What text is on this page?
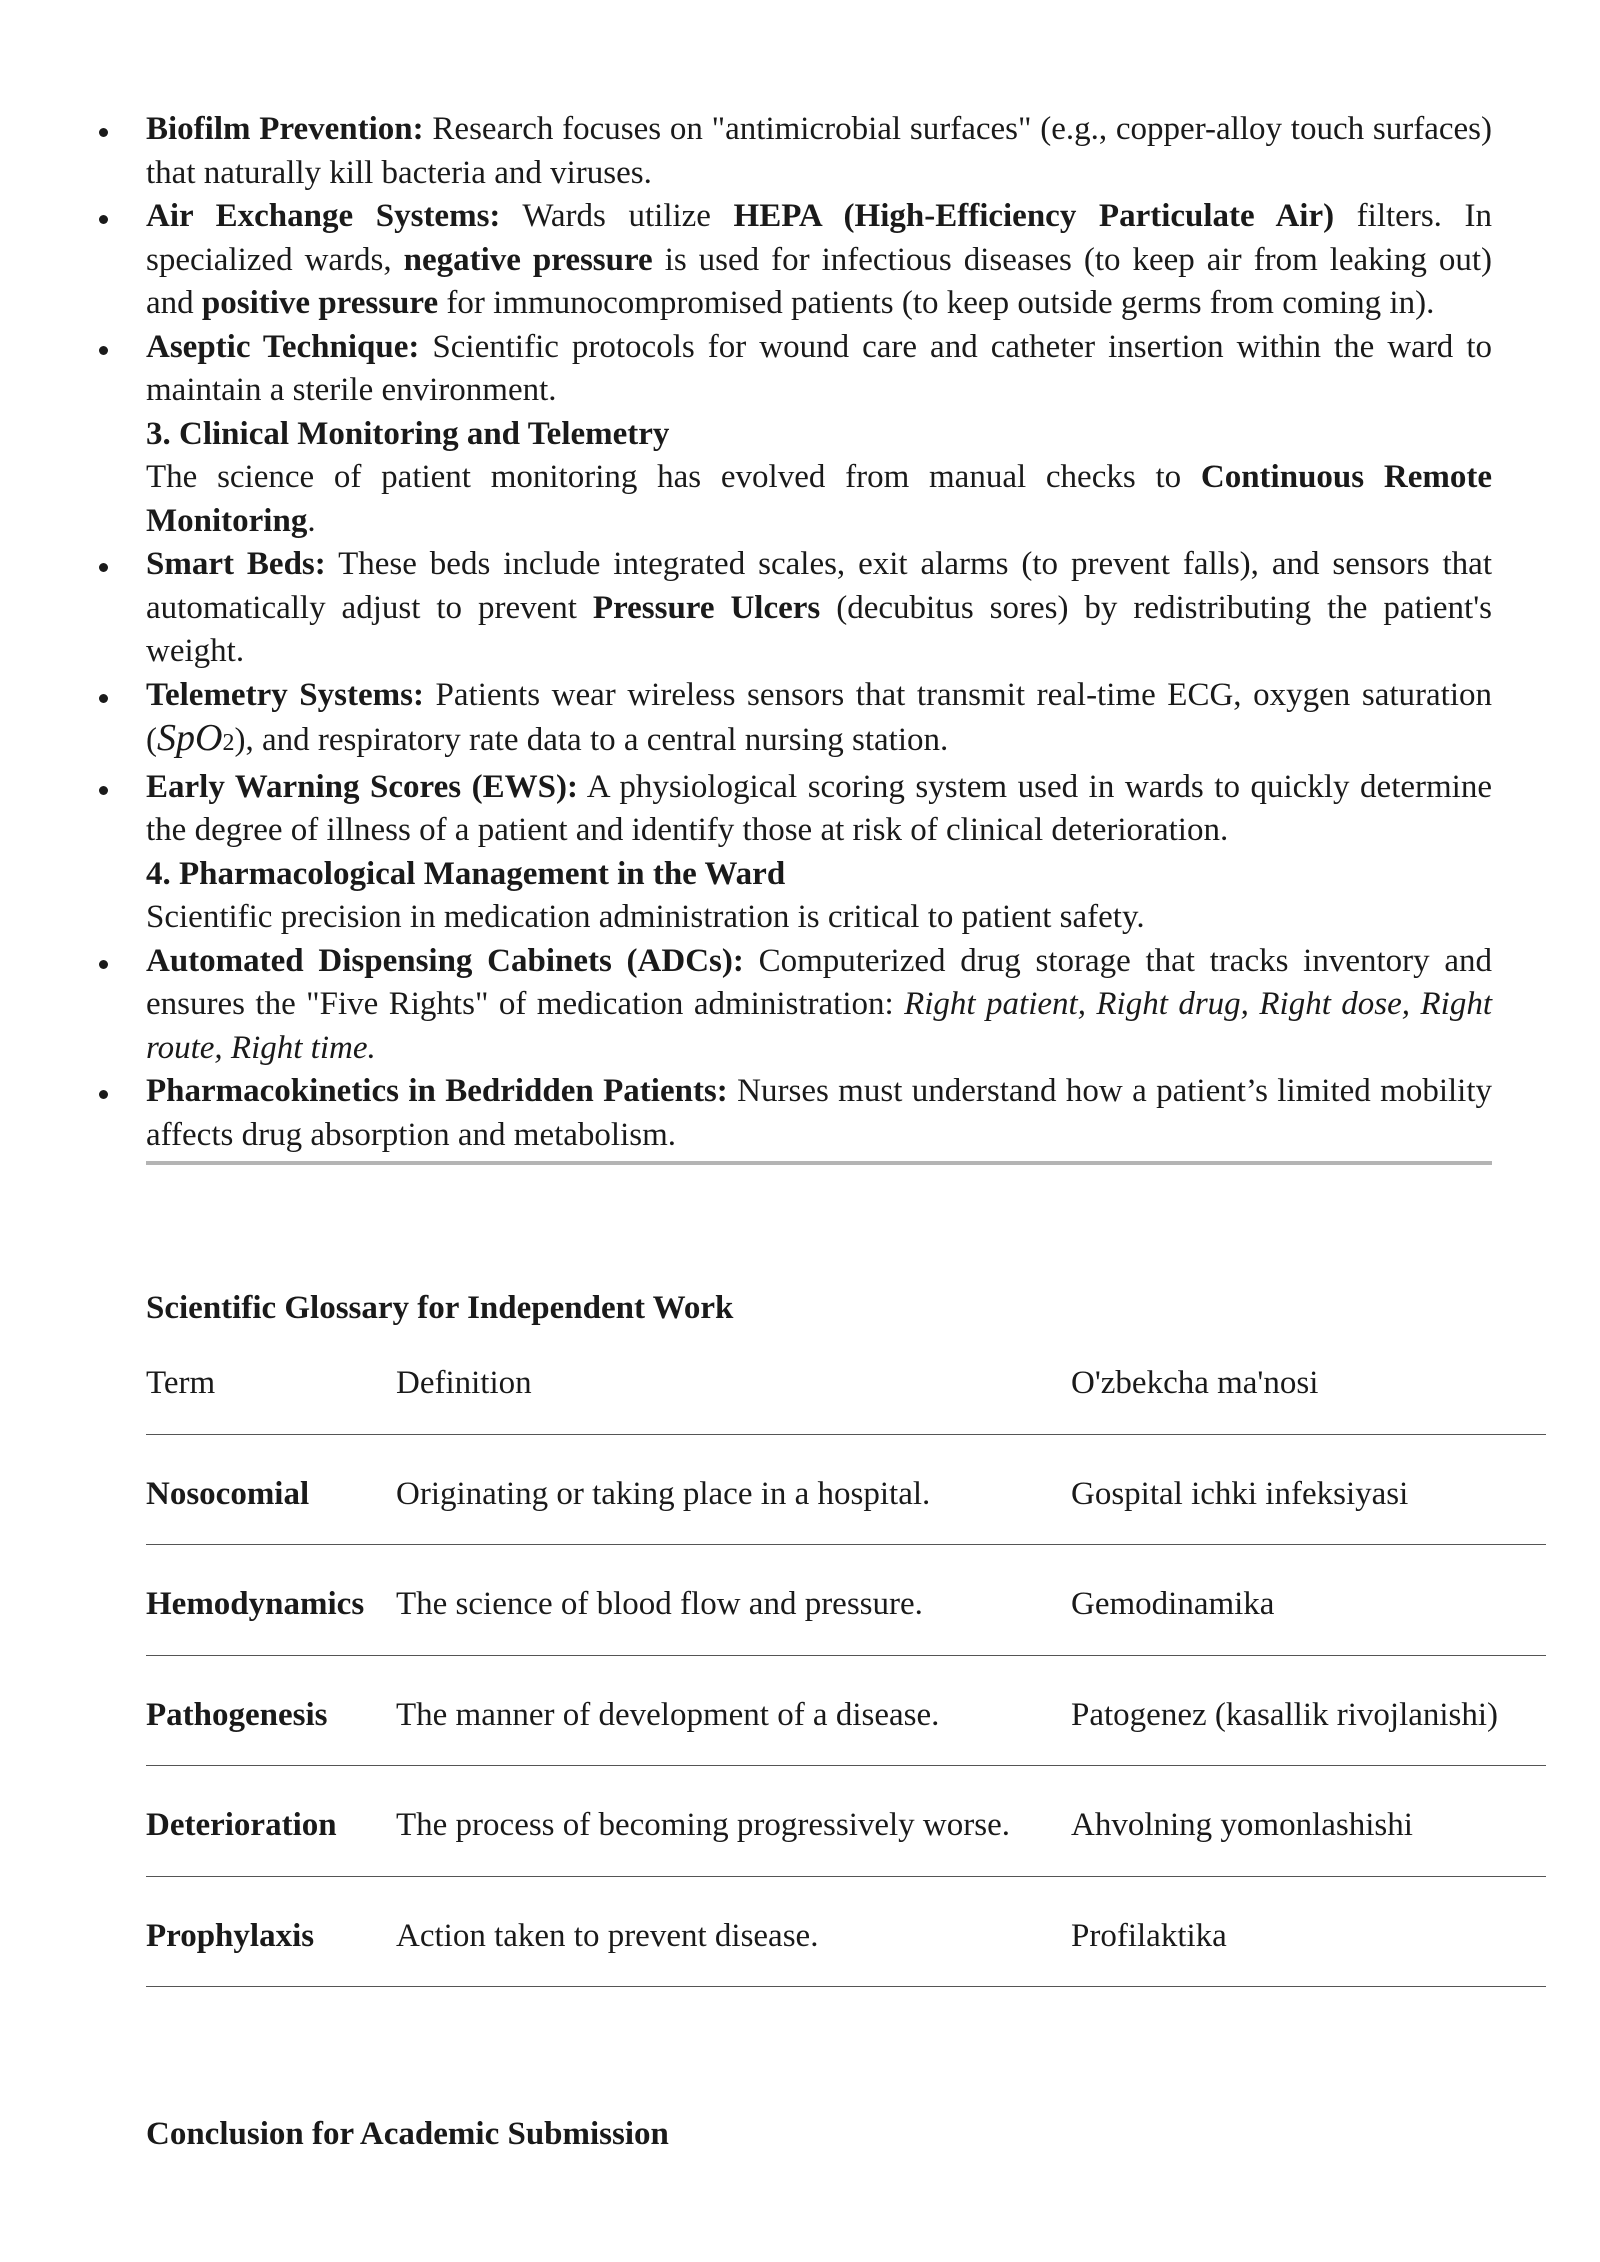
Biofilm Prevention: Research focuses on "antimicrobial surfaces" (e.g., copper-alloy touch surfaces) that naturally kill bacteria and viruses.

Air Exchange Systems: Wards utilize HEPA (High-Efficiency Particulate Air) filters. In specialized wards, negative pressure is used for infectious diseases (to keep air from leaking out) and positive pressure for immunocompromised patients (to keep outside germs from coming in).

Aseptic Technique: Scientific protocols for wound care and catheter insertion within the ward to maintain a sterile environment.

3. Clinical Monitoring and Telemetry

The science of patient monitoring has evolved from manual checks to Continuous Remote Monitoring.

Smart Beds: These beds include integrated scales, exit alarms (to prevent falls), and sensors that automatically adjust to prevent Pressure Ulcers (decubitus sores) by redistributing the patient's weight.

Telemetry Systems: Patients wear wireless sensors that transmit real-time ECG, oxygen saturation (SpO2), and respiratory rate data to a central nursing station.

Early Warning Scores (EWS): A physiological scoring system used in wards to quickly determine the degree of illness of a patient and identify those at risk of clinical deterioration.

4. Pharmacological Management in the Ward

Scientific precision in medication administration is critical to patient safety.

Automated Dispensing Cabinets (ADCs): Computerized drug storage that tracks inventory and ensures the "Five Rights" of medication administration: Right patient, Right drug, Right dose, Right route, Right time.

Pharmacokinetics in Bedridden Patients: Nurses must understand how a patient’s limited mobility affects drug absorption and metabolism.

Scientific Glossary for Independent Work

Term	Definition	O'zbekcha ma'nosi
Nosocomial	Originating or taking place in a hospital.	Gospital ichki infeksiyasi
Hemodynamics	The science of blood flow and pressure.	Gemodinamika
Pathogenesis	The manner of development of a disease.	Patogenez (kasallik rivojlanishi)
Deterioration	The process of becoming progressively worse.	Ahvolning yomonlashishi
Prophylaxis	Action taken to prevent disease.	Profilaktika

Conclusion for Academic Submission
